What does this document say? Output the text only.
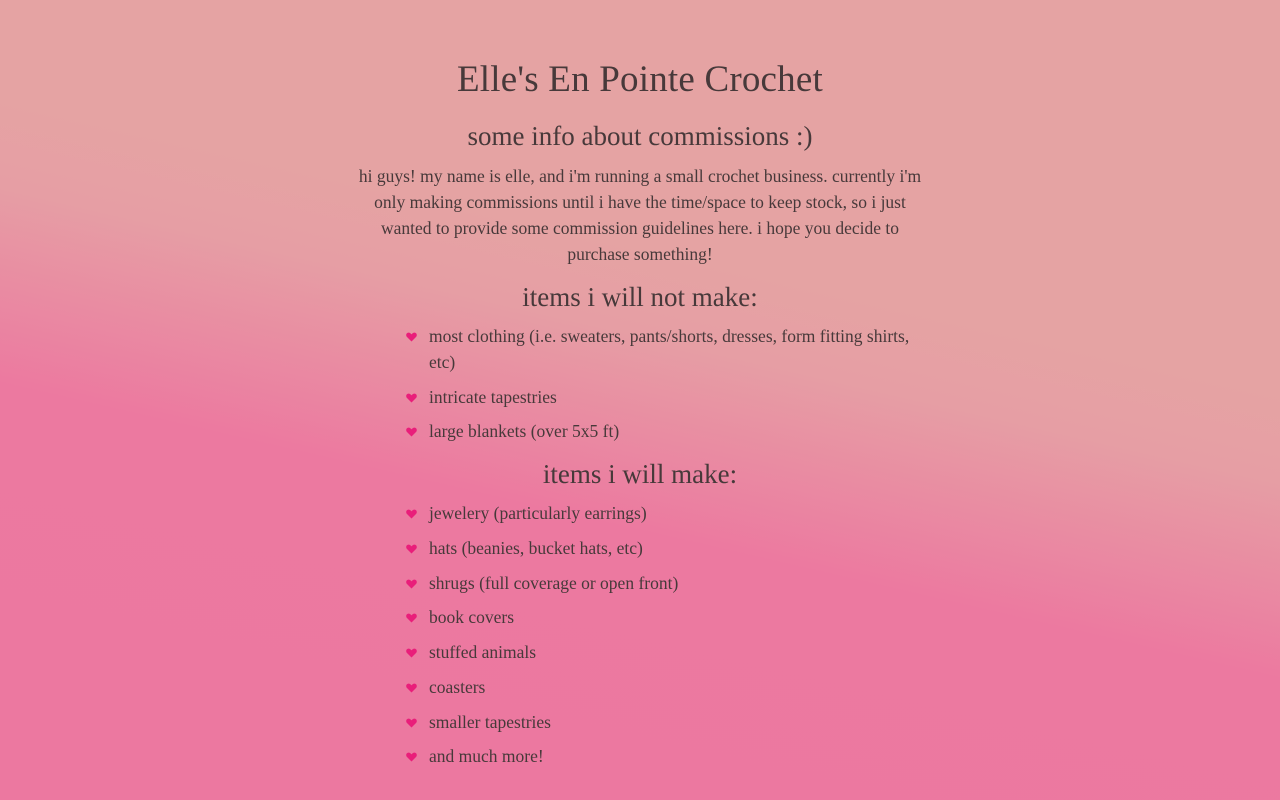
Elle's En Pointe Crochet
some info about commissions :)

hi guys! my name is elle, and i'm running a small crochet business. currently i'm only making commissions until i have the time/space to keep stock, so i just wanted to provide some commission guidelines here. i hope you decide to purchase something!

items i will not make:
most clothing (i.e. sweaters, pants/shorts, dresses, form fitting shirts, etc)
intricate tapestries
large blankets (over 5x5 ft)
items i will make:
jewelery (particularly earrings)
hats (beanies, bucket hats, etc)
shrugs (full coverage or open front)
book covers
stuffed animals
coasters
smaller tapestries
and much more!
